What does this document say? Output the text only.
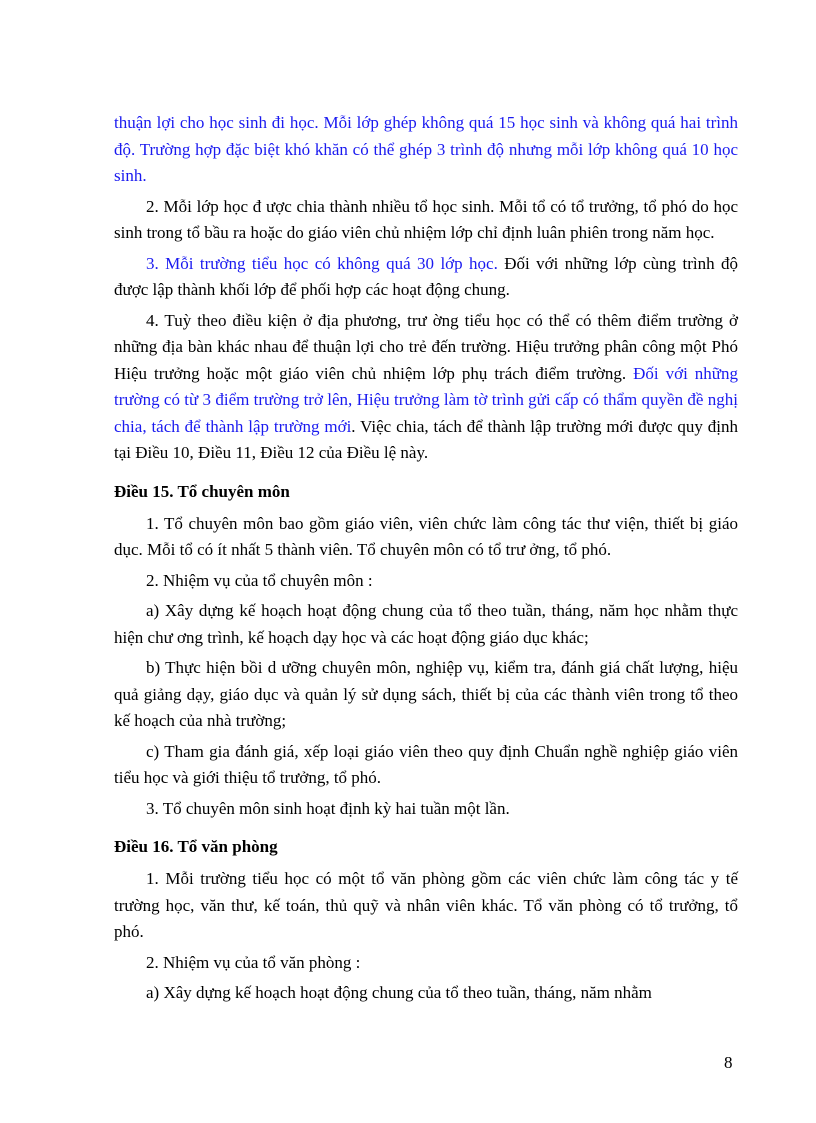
thuận lợi cho học sinh đi học. Mỗi lớp ghép không quá 15 học sinh và không quá hai trình độ. Trường hợp đặc biệt khó khăn có thể ghép 3 trình độ nhưng mỗi lớp không quá 10 học sinh.

2. Mỗi lớp học đ ược chia thành nhiều tổ học sinh. Mỗi tổ có tổ trưởng, tổ phó do học sinh trong tổ bầu ra hoặc do giáo viên chủ nhiệm lớp chỉ định luân phiên trong năm học.

3. Mỗi trường tiểu học có không quá 30 lớp học. Đối với những lớp cùng trình độ được lập thành khối lớp để phối hợp các hoạt động chung.

4. Tuỳ theo điều kiện ở địa phương, trư ờng tiểu học có thể có thêm điểm trường ở những địa bàn khác nhau để thuận lợi cho trẻ đến trường. Hiệu trưởng phân công một Phó Hiệu trưởng hoặc một giáo viên chủ nhiệm lớp phụ trách điểm trường. Đối với những trường có từ 3 điểm trường trở lên, Hiệu trưởng làm tờ trình gửi cấp có thẩm quyền đề nghị chia, tách để thành lập trường mới. Việc chia, tách để thành lập trường mới được quy định tại Điều 10, Điều 11, Điều 12 của Điều lệ này.

Điều 15. Tổ chuyên môn

1. Tổ chuyên môn bao gồm giáo viên, viên chức làm công tác thư viện, thiết bị giáo dục. Mỗi tổ có ít nhất 5 thành viên. Tổ chuyên môn có tổ trư ởng, tổ phó.

2. Nhiệm vụ của tổ chuyên môn :

a) Xây dựng kế hoạch hoạt động chung của tổ theo tuần, tháng, năm học nhằm thực hiện chư ơng trình, kế hoạch dạy học và các hoạt động giáo dục khác;

b) Thực hiện bồi d ưỡng chuyên môn, nghiệp vụ, kiểm tra, đánh giá chất lượng, hiệu quả giảng dạy, giáo dục và quản lý sử dụng sách, thiết bị của các thành viên trong tổ theo kế hoạch của nhà trường;

c) Tham gia đánh giá, xếp loại giáo viên theo quy định Chuẩn nghề nghiệp giáo viên tiểu học và giới thiệu tổ trưởng, tổ phó.

3. Tổ chuyên môn sinh hoạt định kỳ hai tuần một lần.

Điều 16. Tổ văn phòng

1. Mỗi trường tiểu học có một tổ văn phòng gồm các viên chức làm công tác y tế trường học, văn thư, kế toán, thủ quỹ và nhân viên khác. Tổ văn phòng có tổ trưởng, tổ phó.

2. Nhiệm vụ của tổ văn phòng :

a) Xây dựng kế hoạch hoạt động chung của tổ theo tuần, tháng, năm nhằm

8
